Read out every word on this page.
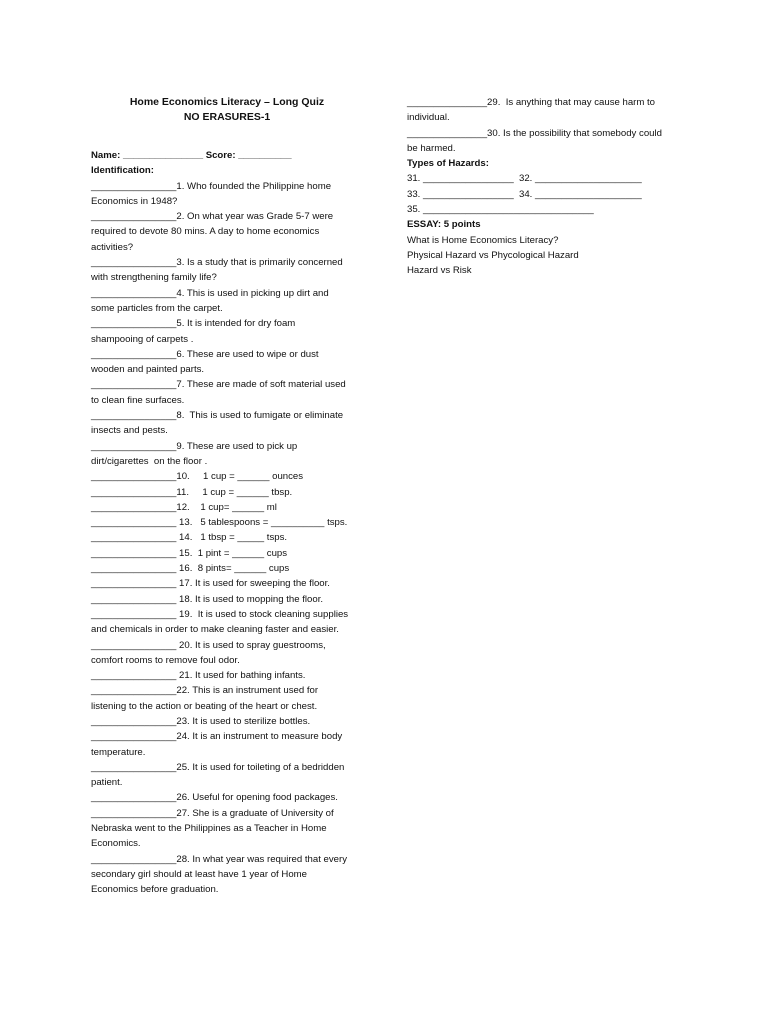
Home Economics Literacy – Long Quiz
NO ERASURES-1
Name: _______________ Score: __________
Identification:
________________1. Who founded the Philippine home
Economics in 1948?
________________2. On what year was Grade 5-7 were
required to devote 80 mins. A day to home economics
activities?
________________3. Is a study that is primarily concerned
with strengthening family life?
________________4. This is used in picking up dirt and
some particles from the carpet.
________________5. It is intended for dry foam
shampooing of carpets .
________________6. These are used to wipe or dust
wooden and painted parts.
________________7. These are made of soft material used
to clean fine surfaces.
________________8.  This is used to fumigate or eliminate
insects and pests.
________________9. These are used to pick up
dirt/cigarettes  on the floor .
________________10.     1 cup = ______ ounces
________________11.     1 cup = ______ tbsp.
________________12.    1 cup= ______ ml
________________ 13.   5 tablespoons = __________ tsps.
________________ 14.   1 tbsp = _____ tsps.
________________ 15.  1 pint = ______ cups
________________ 16.  8 pints= ______ cups
________________ 17. It is used for sweeping the floor.
________________ 18. It is used to mopping the floor.
________________ 19.  It is used to stock cleaning supplies
and chemicals in order to make cleaning faster and easier.
________________ 20. It is used to spray guestrooms,
comfort rooms to remove foul odor.
________________ 21. It used for bathing infants.
________________22. This is an instrument used for
listening to the action or beating of the heart or chest.
________________23. It is used to sterilize bottles.
________________24. It is an instrument to measure body
temperature.
________________25. It is used for toileting of a bedridden
patient.
________________26. Useful for opening food packages.
________________27. She is a graduate of University of
Nebraska went to the Philippines as a Teacher in Home
Economics.
________________28. In what year was required that every
secondary girl should at least have 1 year of Home
Economics before graduation.
_______________29.  Is anything that may cause harm to
individual.
_______________30. Is the possibility that somebody could
be harmed.
Types of Hazards:
31. _________________ 32. ____________________
33. _________________ 34. ____________________
35. ________________________________
ESSAY: 5 points
What is Home Economics Literacy?
Physical Hazard vs Phycological Hazard
Hazard vs Risk
